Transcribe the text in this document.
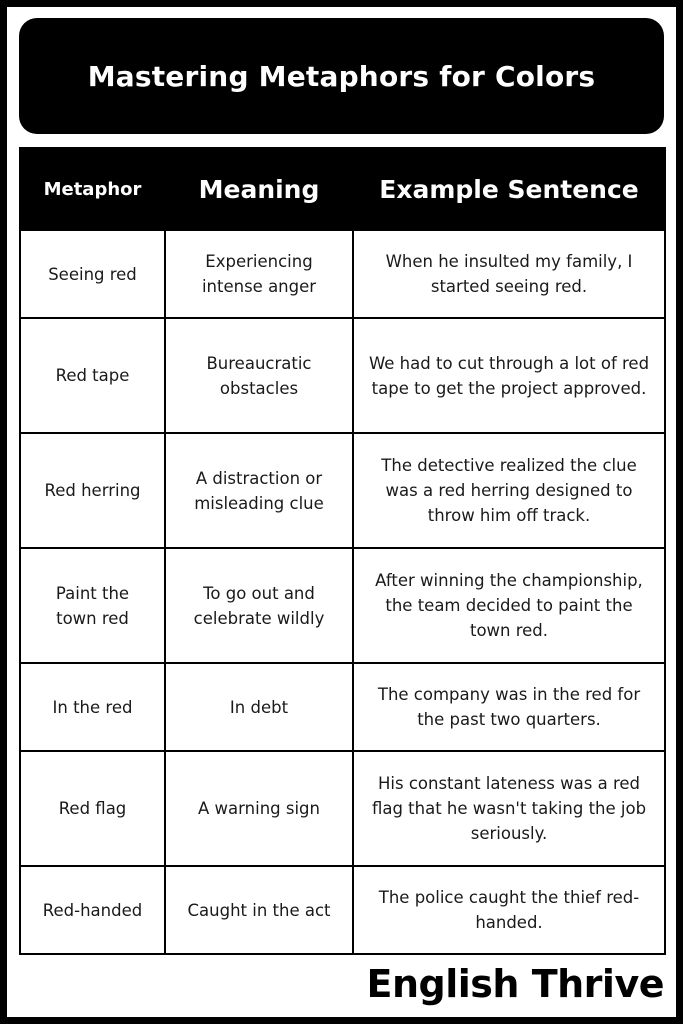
Mastering Metaphors for Colors
Metaphor	Meaning	Example Sentence
Seeing red	Experiencing intense anger	When he insulted my family, I started seeing red.
Red tape	Bureaucratic obstacles	We had to cut through a lot of red tape to get the project approved.
Red herring	A distraction or misleading clue	The detective realized the clue was a red herring designed to throw him off track.
Paint the town red	To go out and celebrate wildly	After winning the championship, the team decided to paint the town red.
In the red	In debt	The company was in the red for the past two quarters.
Red flag	A warning sign	His constant lateness was a red flag that he wasn't taking the job seriously.
Red-handed	Caught in the act	The police caught the thief red-handed.

English Thrive
